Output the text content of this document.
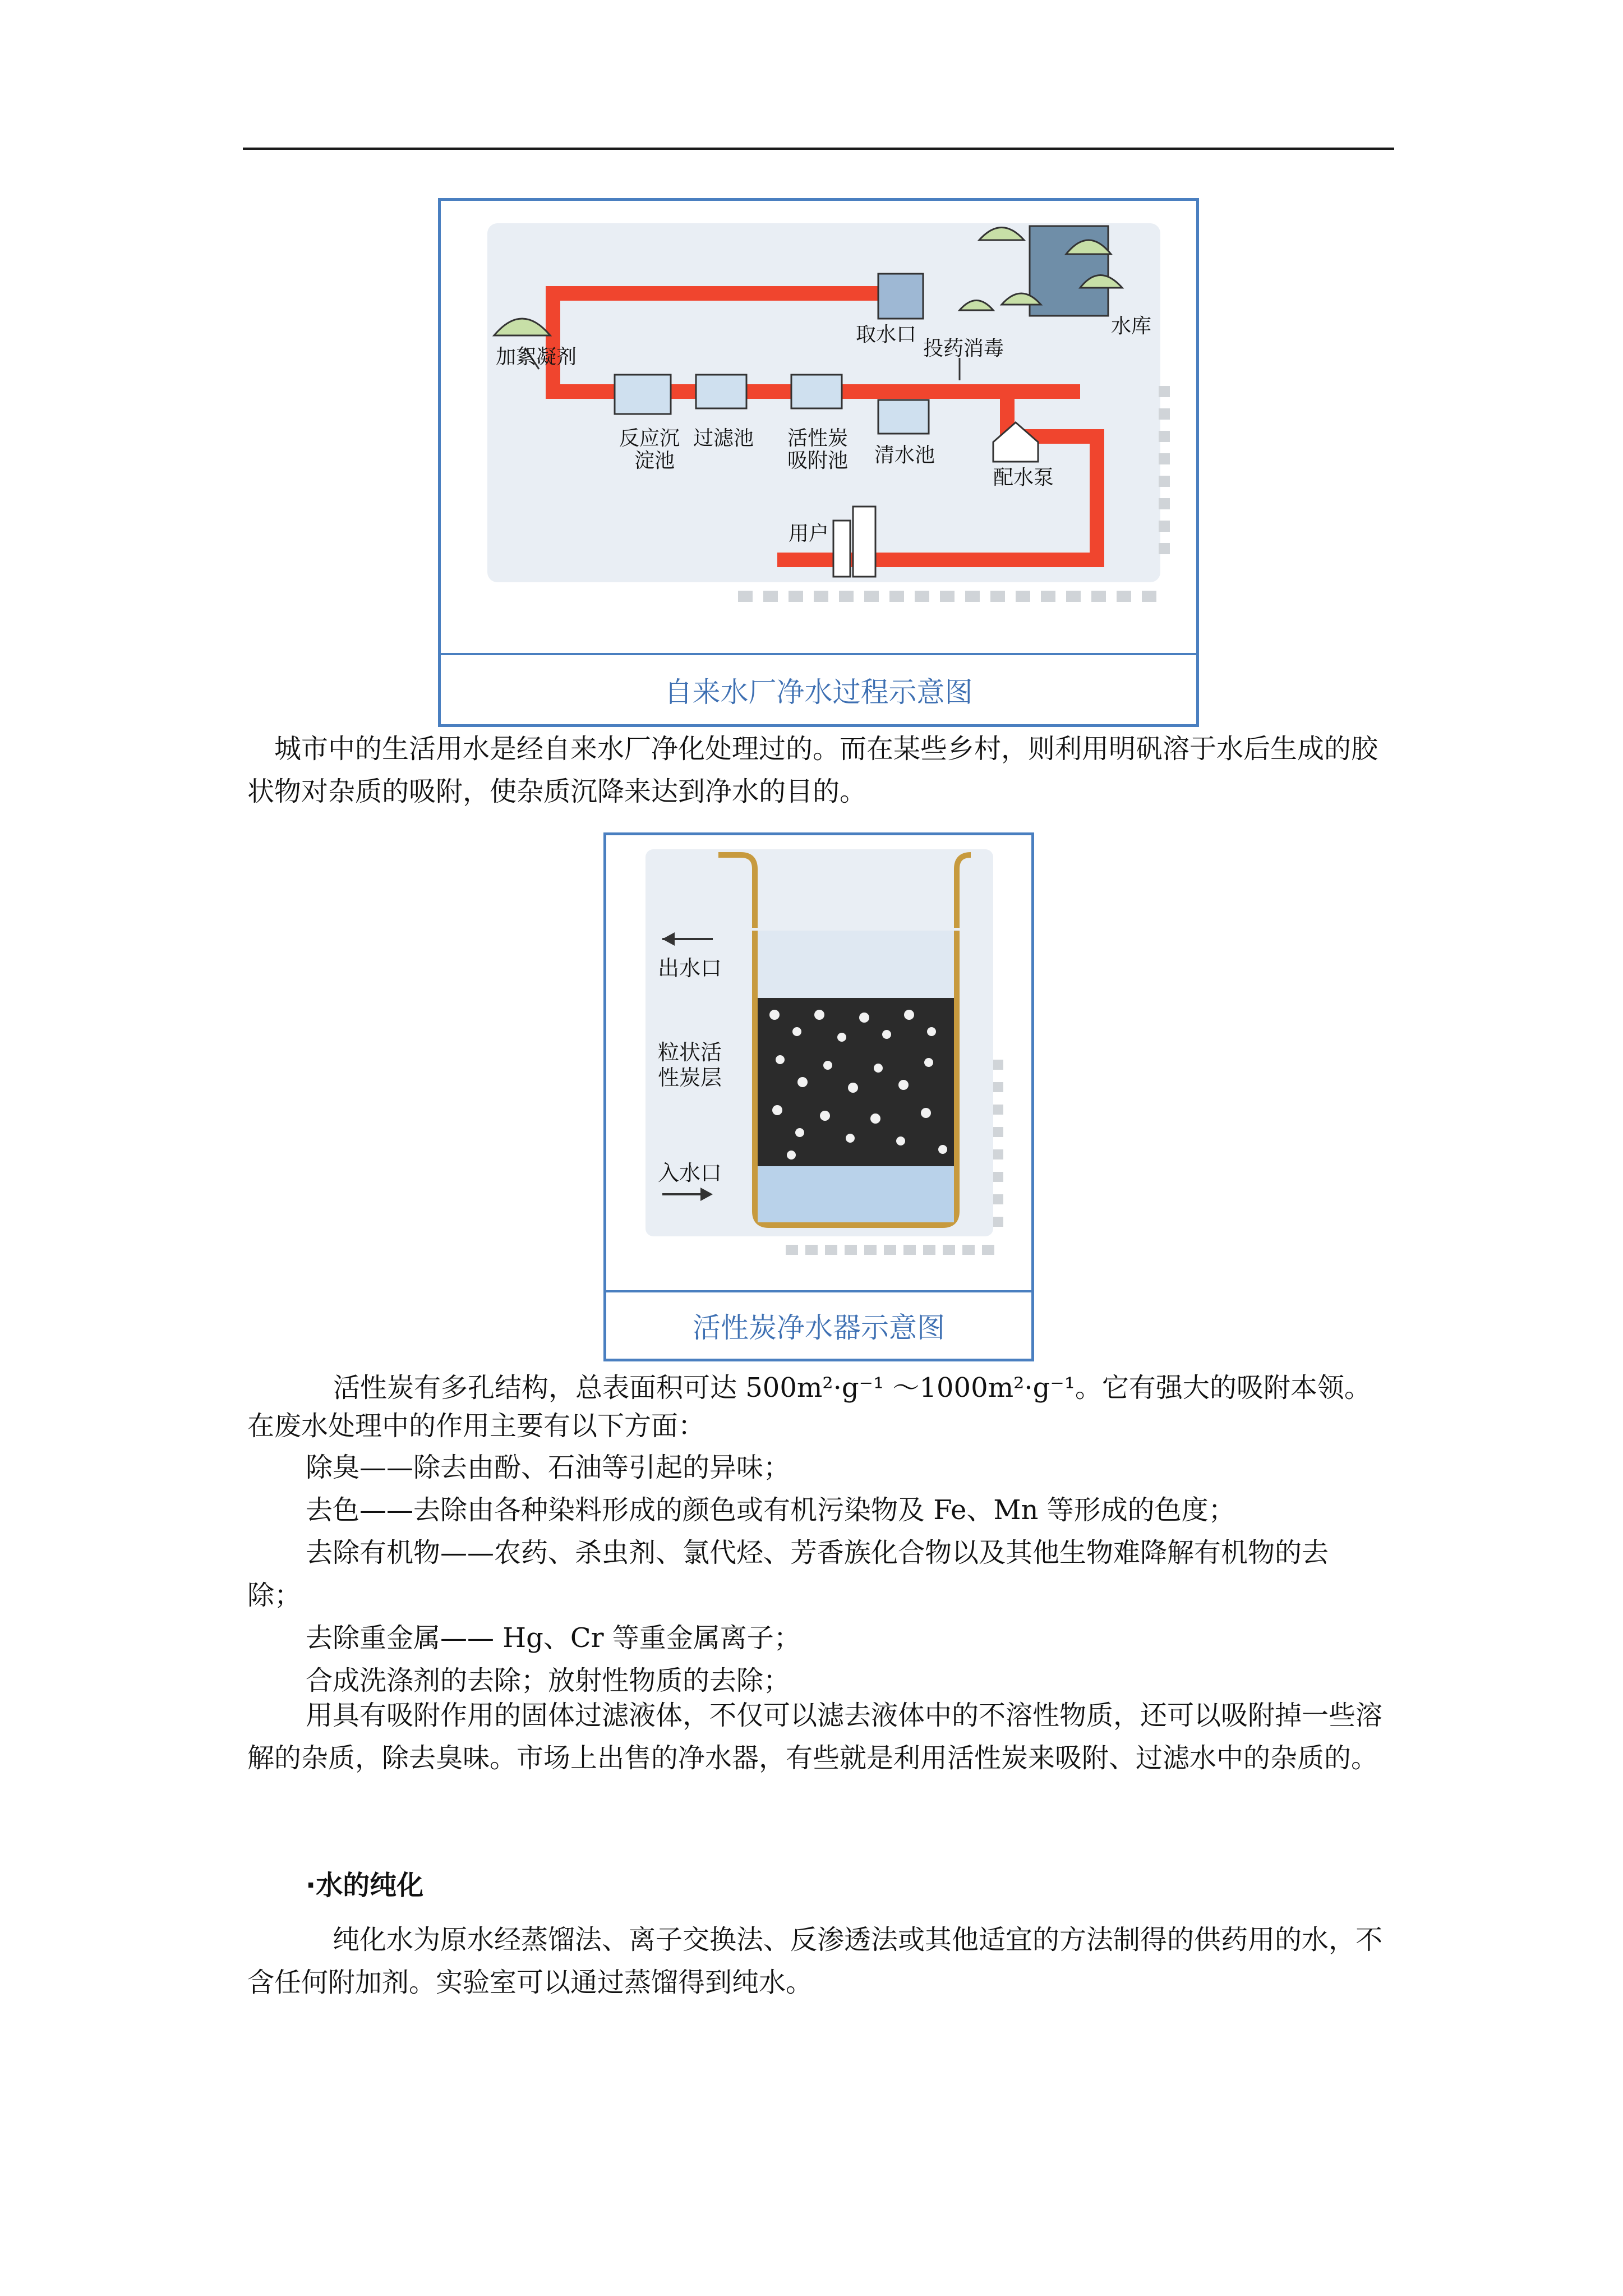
加絮凝剂
取水口	水库
投药消毒
反应沉
淀池
过滤池 活性炭
吸附池 清水池
配水泵
用户
自来水厂净水过程示意图
城市中的生活用水是经自来水厂净化处理过的。而在某些乡村，则利用明矾溶于水后生成的胶状物对杂质的吸附，使杂质沉降来达到净水的目的。
出水口
粒状活
性炭层
入水口
活性炭净水器示意图
在废水处理中的作用主要有以下方面：
活性炭有多孔结构，总表面积可达 500m²·g⁻¹ ～1000m²·g⁻¹。它有强大的吸附本领。
除臭——除去由酚、石油等引起的异味；
去色——去除由各种染料形成的颜色或有机污染物及 Fe、Mn 等形成的色度；
去除有机物——农药、杀虫剂、氯代烃、芳香族化合物以及其他生物难降解有机物的去
除；
去除重金属—— Hg、Cr 等重金属离子；
合成洗涤剂的去除；放射性物质的去除；
用具有吸附作用的固体过滤液体，不仅可以滤去液体中的不溶性物质，还可以吸附掉一些溶解的杂质，除去臭味。市场上出售的净水器，有些就是利用活性炭来吸附、过滤水中的杂质的。
·水的纯化
纯化水为原水经蒸馏法、离子交换法、反渗透法或其他适宜的方法制得的供药用的水，不含任何附加剂。实验室可以通过蒸馏得到纯水。
